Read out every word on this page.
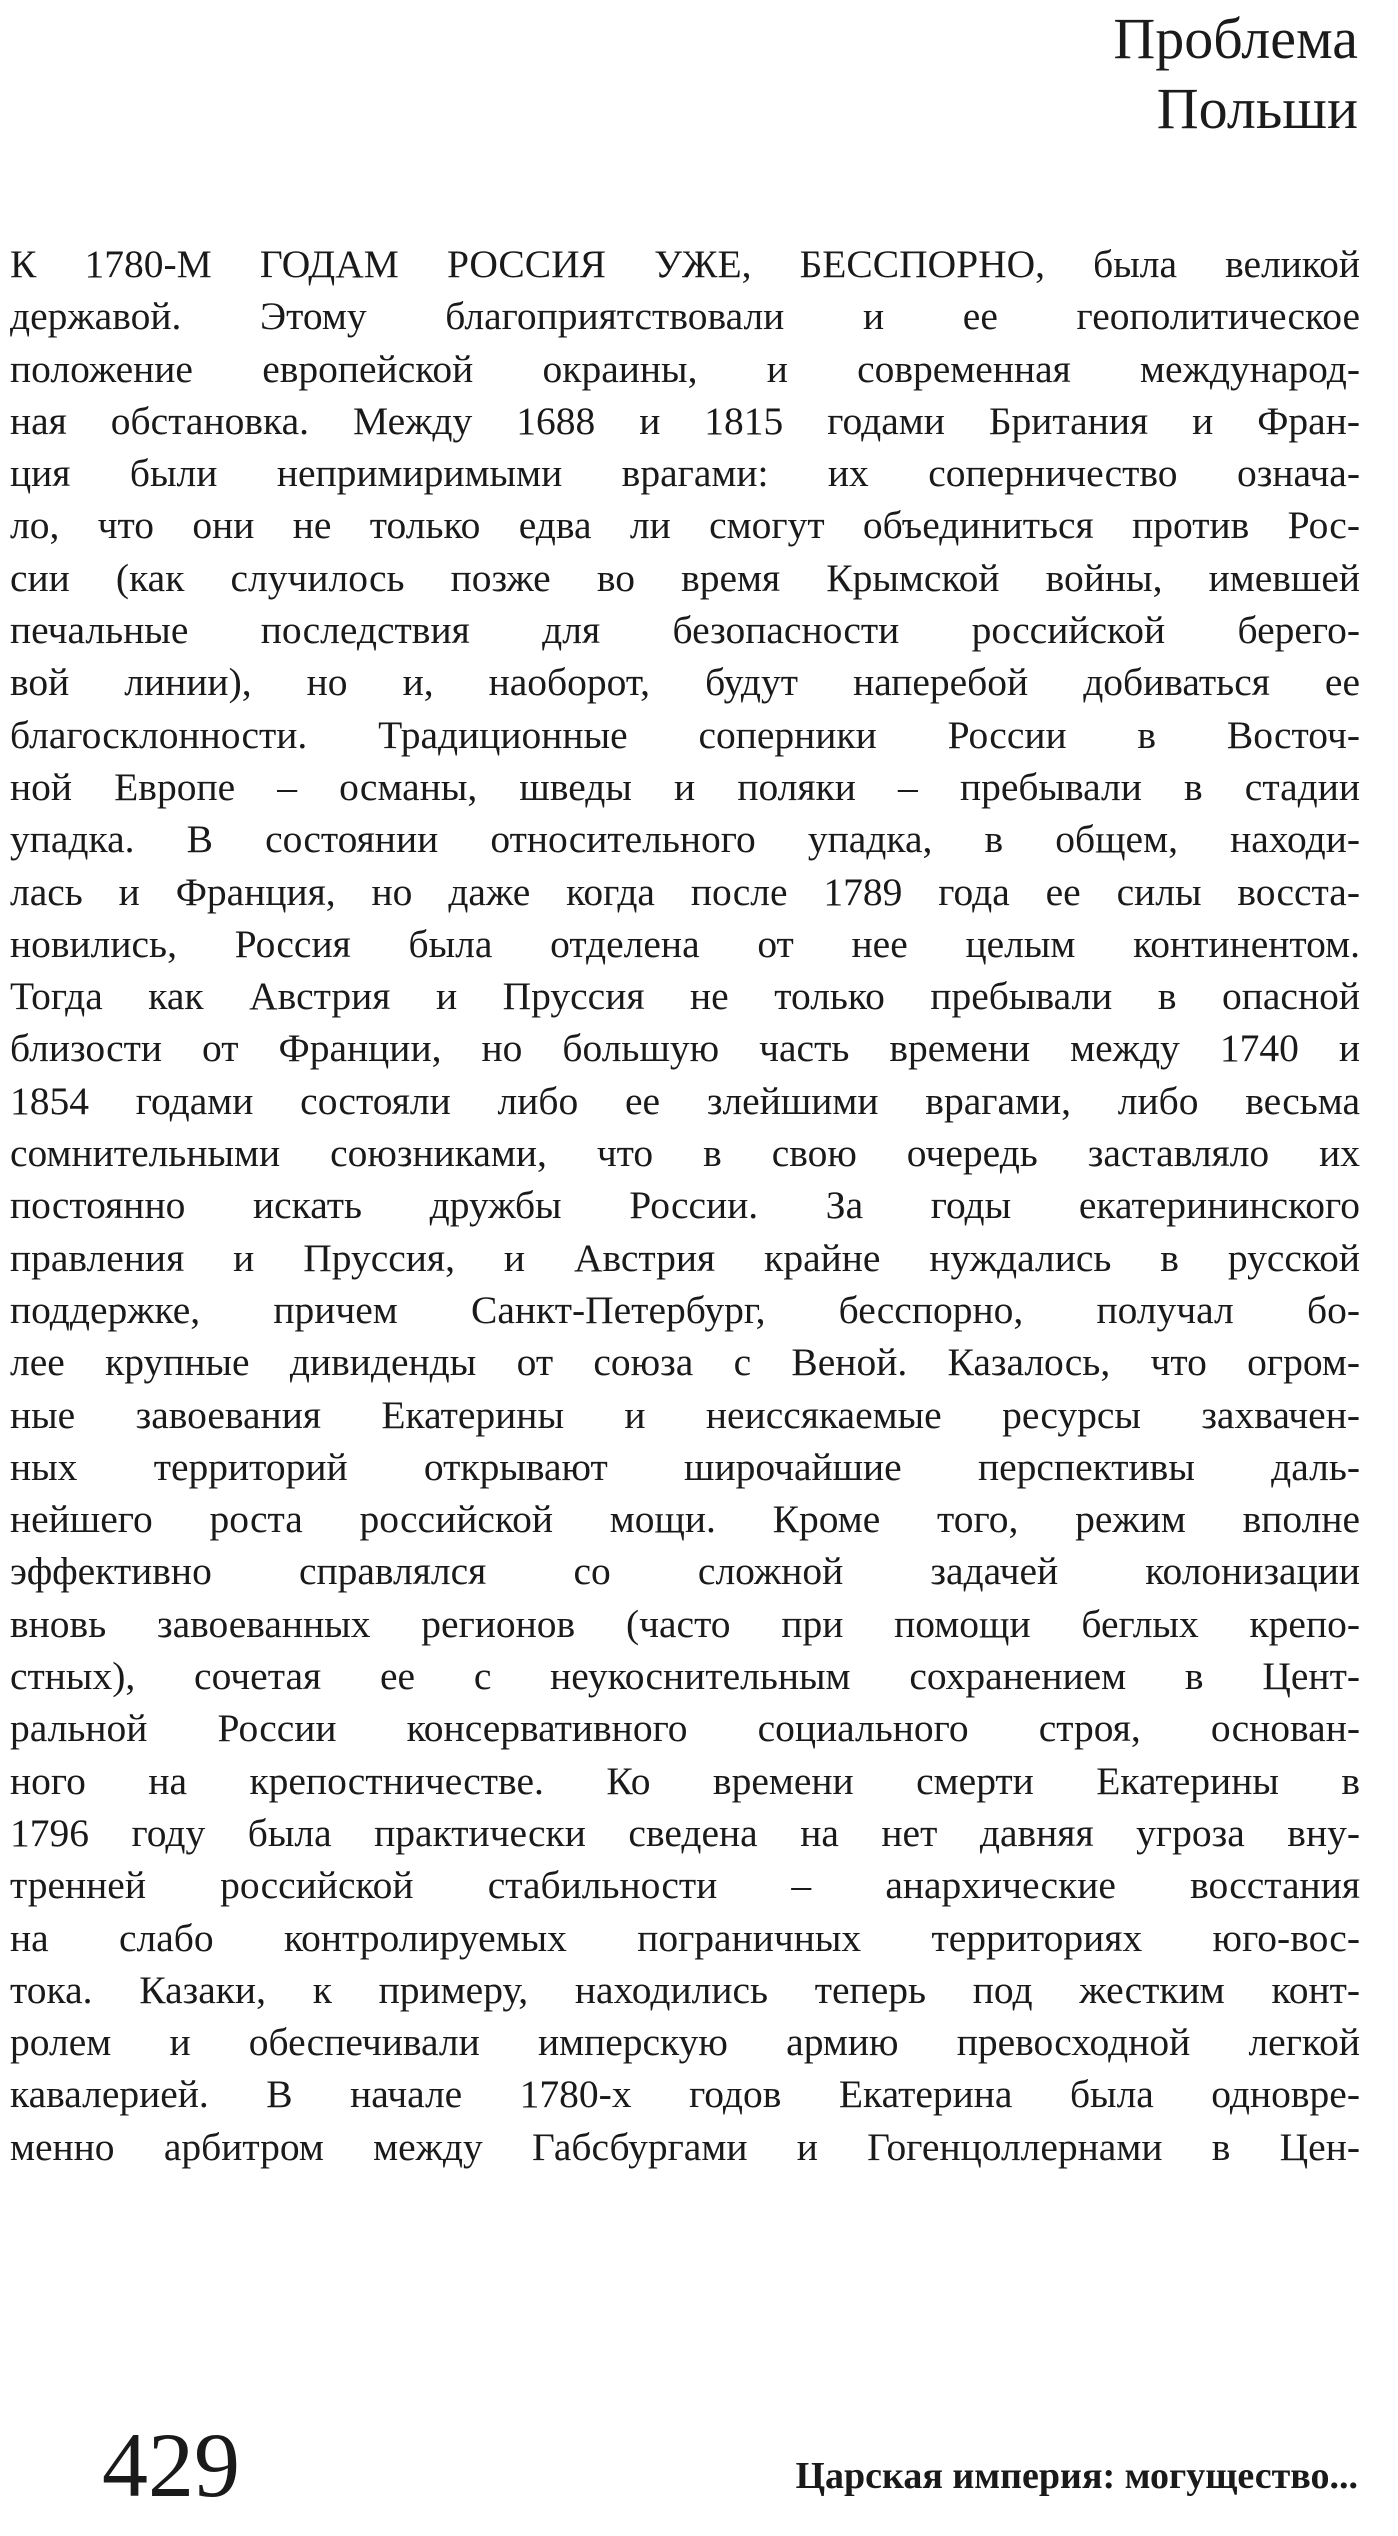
Проблема
Польши
К 1780-М ГОДАМ РОССИЯ УЖЕ, БЕССПОРНО, была великой
державой. Этому благоприятствовали и ее геополитическое
положение европейской окраины, и современная международ-
ная обстановка. Между 1688 и 1815 годами Британия и Фран-
ция были непримиримыми врагами: их соперничество означа-
ло, что они не только едва ли смогут объединиться против Рос-
сии (как случилось позже во время Крымской войны, имевшей
печальные последствия для безопасности российской берего-
вой линии), но и, наоборот, будут наперебой добиваться ее
благосклонности. Традиционные соперники России в Восточ-
ной Европе – османы, шведы и поляки – пребывали в стадии
упадка. В состоянии относительного упадка, в общем, находи-
лась и Франция, но даже когда после 1789 года ее силы восста-
новились, Россия была отделена от нее целым континентом.
Тогда как Австрия и Пруссия не только пребывали в опасной
близости от Франции, но большую часть времени между 1740 и
1854 годами состояли либо ее злейшими врагами, либо весьма
сомнительными союзниками, что в свою очередь заставляло их
постоянно искать дружбы России. За годы екатерининского
правления и Пруссия, и Австрия крайне нуждались в русской
поддержке, причем Санкт-Петербург, бесспорно, получал бо-
лее крупные дивиденды от союза с Веной. Казалось, что огром-
ные завоевания Екатерины и неиссякаемые ресурсы захвачен-
ных территорий открывают широчайшие перспективы даль-
нейшего роста российской мощи. Кроме того, режим вполне
эффективно справлялся со сложной задачей колонизации
вновь завоеванных регионов (часто при помощи беглых крепо-
стных), сочетая ее с неукоснительным сохранением в Цент-
ральной России консервативного социального строя, основан-
ного на крепостничестве. Ко времени смерти Екатерины в
1796 году была практически сведена на нет давняя угроза вну-
тренней российской стабильности – анархические восстания
на слабо контролируемых пограничных территориях юго-вос-
тока. Казаки, к примеру, находились теперь под жестким конт-
ролем и обеспечивали имперскую армию превосходной легкой
кавалерией. В начале 1780-х годов Екатерина была одновре-
менно арбитром между Габсбургами и Гогенцоллернами в Цен-
429	Царская империя: могущество...
